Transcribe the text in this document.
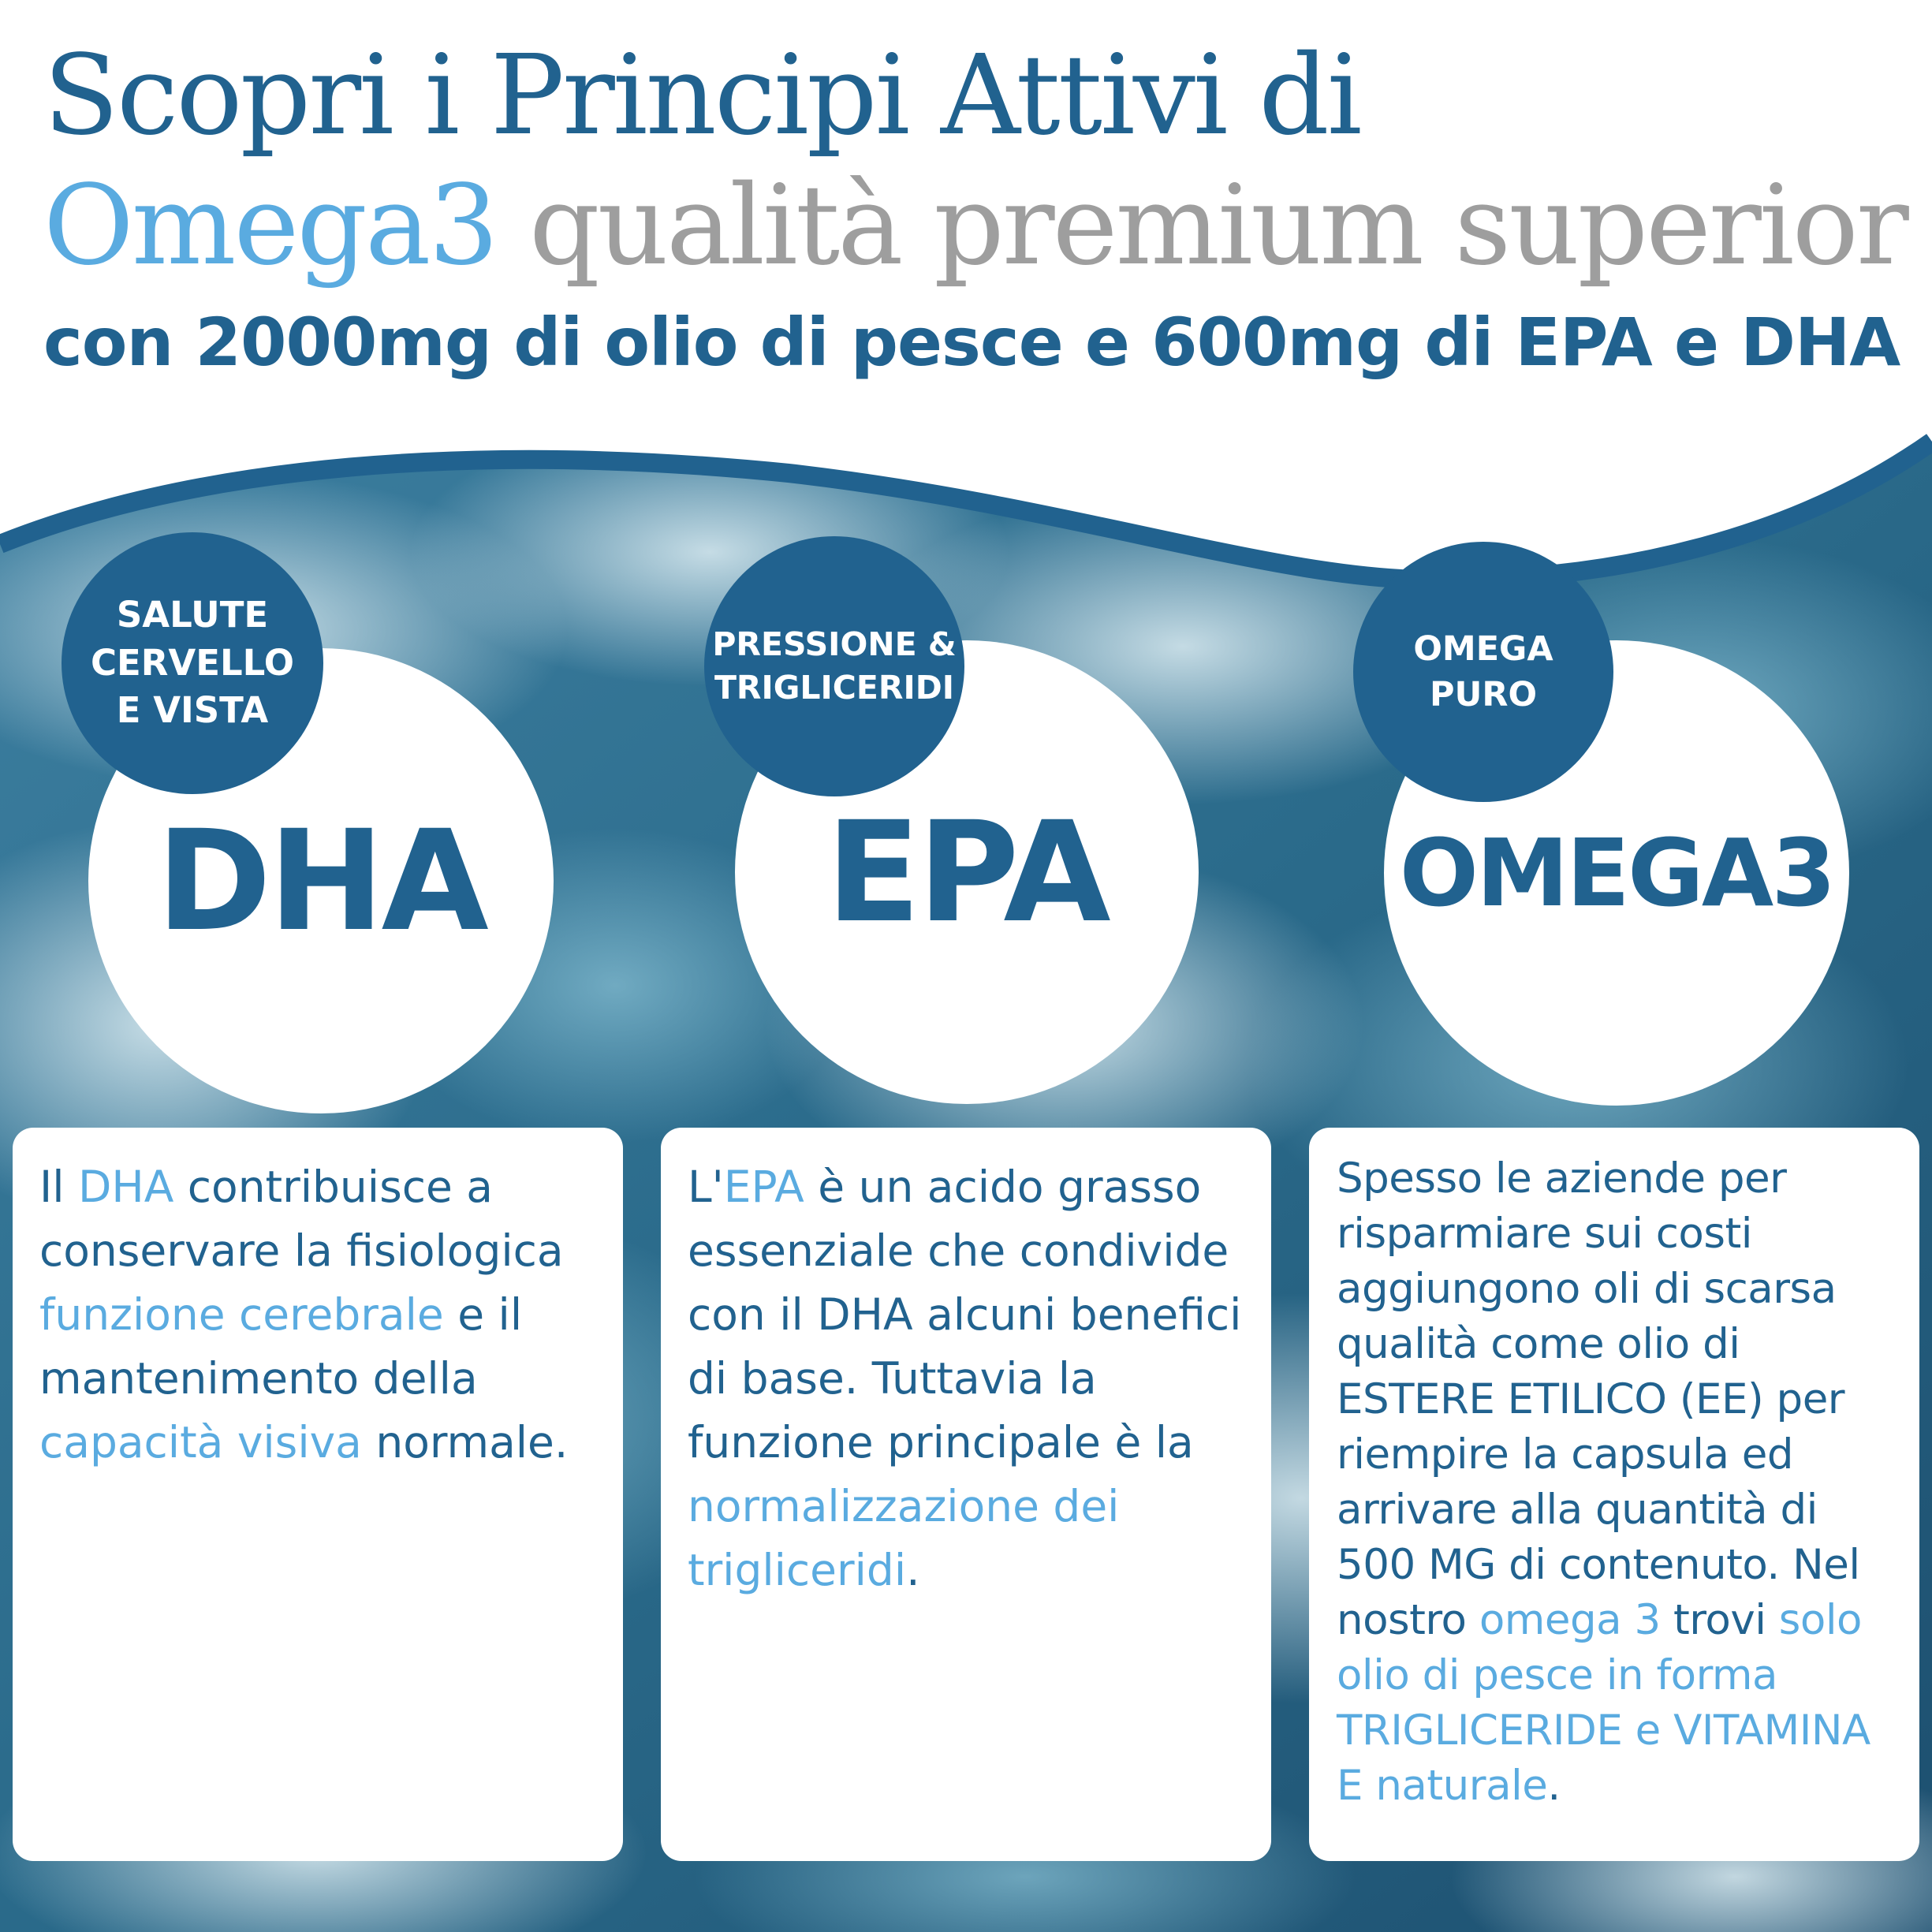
Scopri i Principi Attivi di
Omega3 qualità premium superior
con 2000mg di olio di pesce e 600mg di EPA e DHA
DHA EPA	OMEGA3
SALUTE
CERVELLO
E VISTA
PRESSIONE &
TRIGLICERIDI
OMEGA
PURO

Il DHA contribuisce a conservare la fisiologica funzione cerebrale e il mantenimento della capacità visiva normale.

L'EPA è un acido grasso essenziale che condivide con il DHA alcuni benefici di base. Tuttavia la funzione principale è la normalizzazione dei trigliceridi.

Spesso le aziende per risparmiare sui costi aggiungono oli di scarsa qualità come olio di ESTERE ETILICO (EE) per riempire la capsula ed arrivare alla quantità di 500 MG di contenuto. Nel nostro omega 3 trovi solo olio di pesce in forma TRIGLICERIDE e VITAMINA E naturale.
